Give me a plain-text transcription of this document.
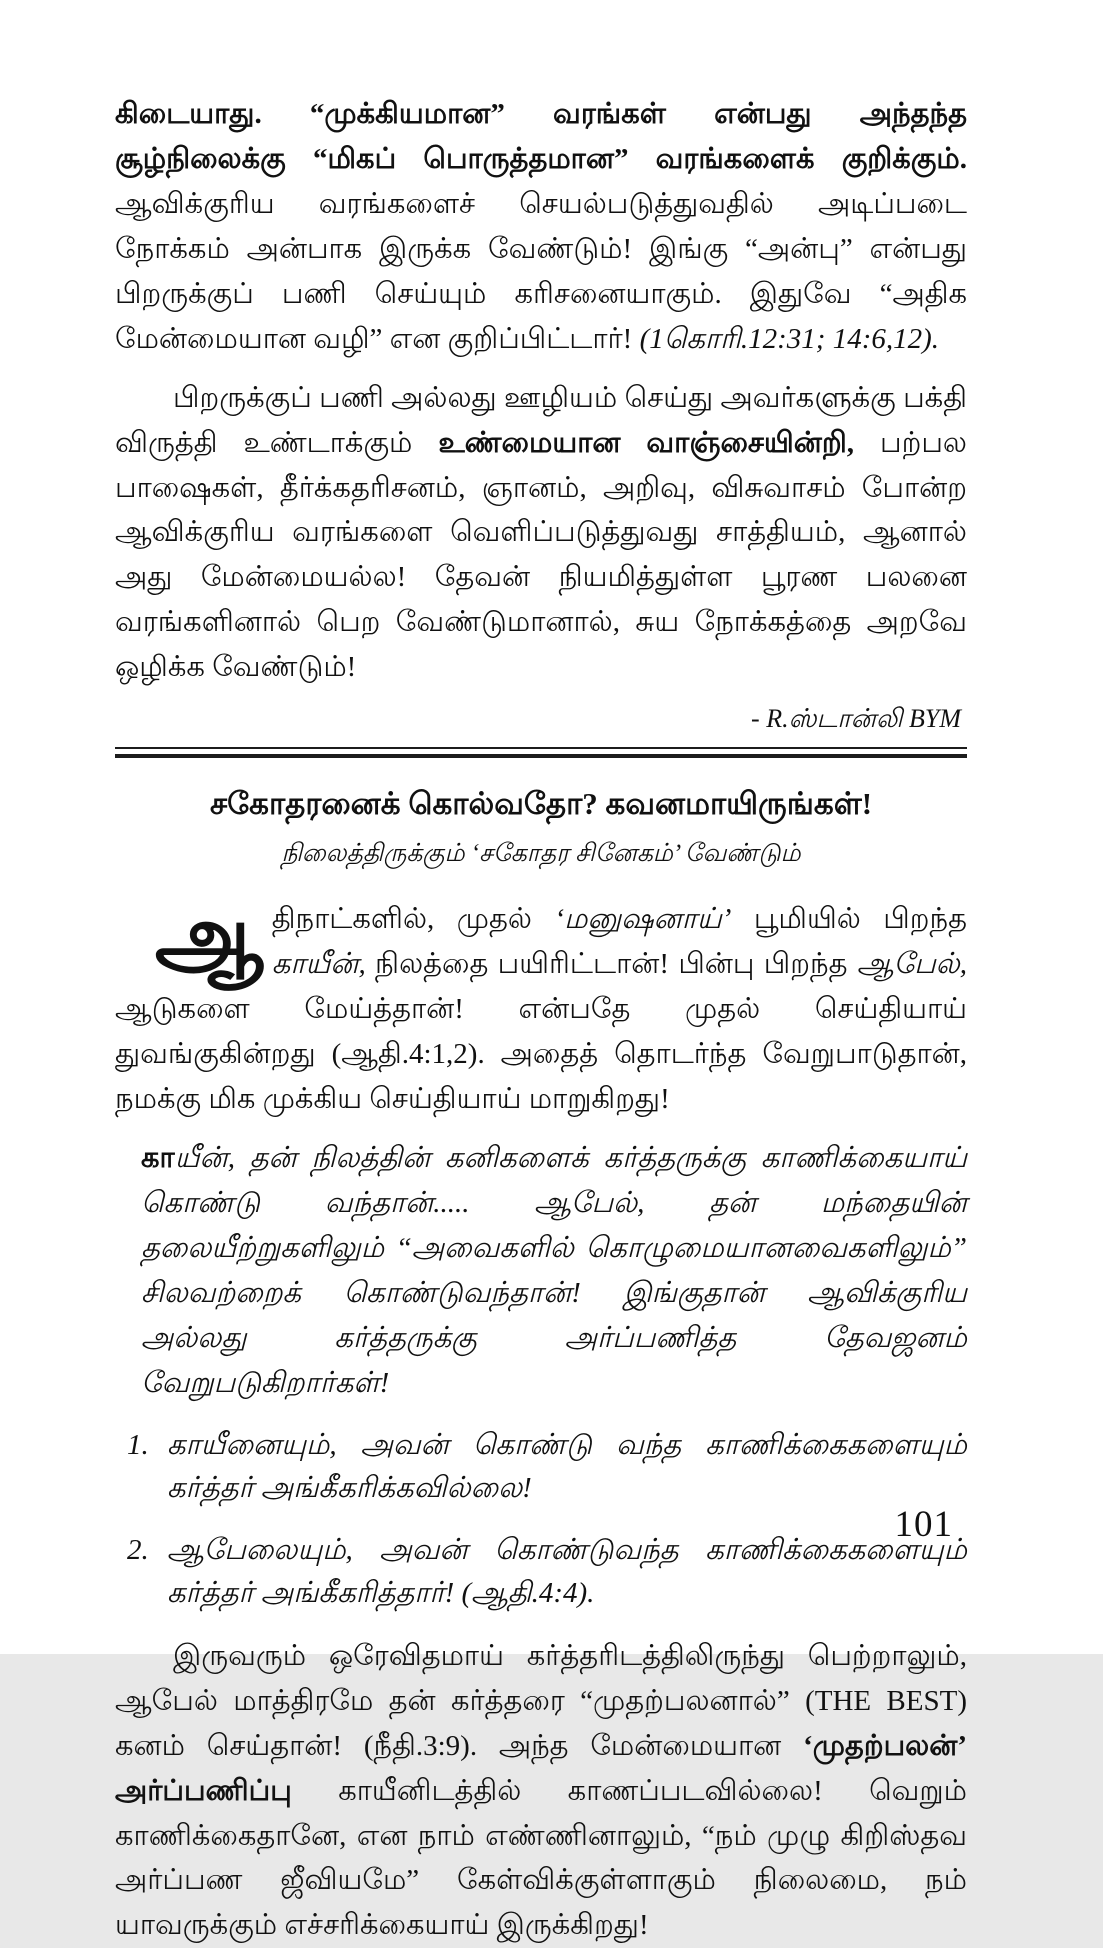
கிடையாது. “முக்கியமான” வரங்கள் என்பது அந்தந்த சூழ்நிலைக்கு “மிகப் பொருத்தமான” வரங்களைக் குறிக்கும். ஆவிக்குரிய வரங்களைச் செயல்படுத்துவதில் அடிப்படை நோக்கம் அன்பாக இருக்க வேண்டும்! இங்கு “அன்பு” என்பது பிறருக்குப் பணி செய்யும் கரிசனையாகும். இதுவே “அதிக மேன்மையான வழி” என குறிப்பிட்டார்! (1கொரி.12:31; 14:6,12).

பிறருக்குப் பணி அல்லது ஊழியம் செய்து அவர்களுக்கு பக்தி விருத்தி உண்டாக்கும் உண்மையான வாஞ்சையின்றி, பற்பல பாஷைகள், தீர்க்கதரிசனம், ஞானம், அறிவு, விசுவாசம் போன்ற ஆவிக்குரிய வரங்களை வெளிப்படுத்துவது சாத்தியம், ஆனால் அது மேன்மையல்ல! தேவன் நியமித்துள்ள பூரண பலனை வரங்களினால் பெற வேண்டுமானால், சுய நோக்கத்தை அறவே ஒழிக்க வேண்டும்!

- R.ஸ்டான்லி BYM
சகோதரனைக் கொல்வதோ? கவனமாயிருங்கள்!
நிலைத்திருக்கும் ‘சகோதர சினேகம்’ வேண்டும்

ஆதிநாட்களில், முதல் ‘மனுஷனாய்’ பூமியில் பிறந்த காயீன், நிலத்தை பயிரிட்டான்! பின்பு பிறந்த ஆபேல், ஆடுகளை மேய்த்தான்! என்பதே முதல் செய்தியாய் துவங்குகின்றது (ஆதி.4:1,2). அதைத் தொடர்ந்த வேறுபாடுதான், நமக்கு மிக முக்கிய செய்தியாய் மாறுகிறது!

காயீன், தன் நிலத்தின் கனிகளைக் கர்த்தருக்கு காணிக்கையாய் கொண்டு வந்தான்..... ஆபேல், தன் மந்தையின் தலையீற்றுகளிலும் “அவைகளில் கொழுமையானவைகளிலும்” சிலவற்றைக் கொண்டுவந்தான்! இங்குதான் ஆவிக்குரிய அல்லது கர்த்தருக்கு அர்ப்பணித்த தேவஜனம் வேறுபடுகிறார்கள்!
1. காயீனையும், அவன் கொண்டு வந்த காணிக்கைகளையும் கர்த்தர் அங்கீகரிக்கவில்லை!
2. ஆபேலையும், அவன் கொண்டுவந்த காணிக்கைகளையும் கர்த்தர் அங்கீகரித்தார்! (ஆதி.4:4).

இருவரும் ஒரேவிதமாய் கர்த்தரிடத்திலிருந்து பெற்றாலும், ஆபேல் மாத்திரமே தன் கர்த்தரை “முதற்பலனால்” (THE BEST) கனம் செய்தான்! (நீதி.3:9). அந்த மேன்மையான ‘முதற்பலன்’ அர்ப்பணிப்பு காயீனிடத்தில் காணப்படவில்லை! வெறும் காணிக்கைதானே, என நாம் எண்ணினாலும், “நம் முழு கிறிஸ்தவ அர்ப்பண ஜீவியமே” கேள்விக்குள்ளாகும் நிலைமை, நம் யாவருக்கும் எச்சரிக்கையாய் இருக்கிறது!

101
